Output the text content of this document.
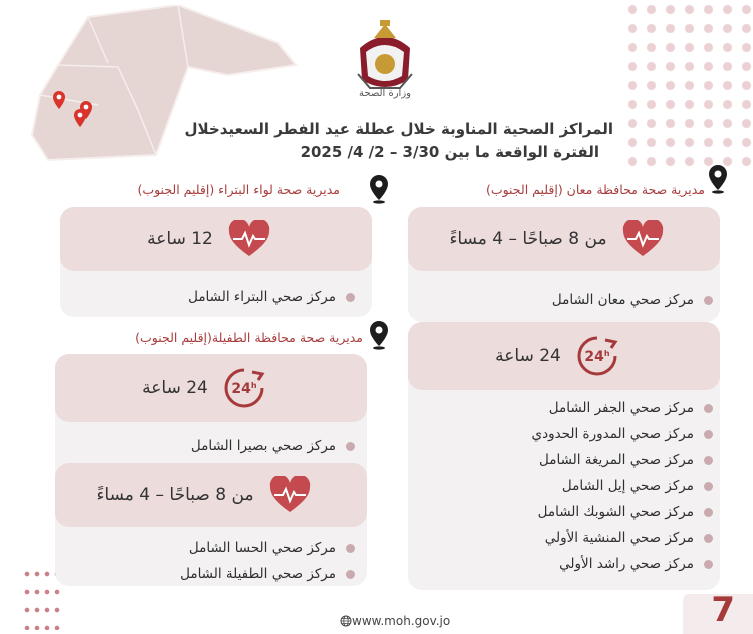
وزارة الصحة
المراكز الصحية المناوبة خلال عطلة عيد الفطر السعيدخلال
الفترة الواقعة ما بين 3/30 – 2/ 4/ 2025
مديرية صحة محافظة معان (إقليم الجنوب)
من 8 صباحًا – 4 مساءً
مركز صحي معان الشامل
24$^h$
24 ساعة
مركز صحي الجفر الشامل
مركز صحي المدورة الحدودي
مركز صحي المريغة الشامل
مركز صحي إيل الشامل
مركز صحي الشوبك الشامل
مركز صحي المنشية الأولي
مركز صحي راشد الأولي
مديرية صحة لواء البتراء (إقليم الجنوب)
12 ساعة
مركز صحي البتراء الشامل
مديرية صحة محافظة الطفيلة(إقليم الجنوب)
24$^h$
24 ساعة
مركز صحي بصيرا الشامل
من 8 صباحًا – 4 مساءً
مركز صحي الحسا الشامل
مركز صحي الطفيلة الشامل
www.moh.gov.jo	7
